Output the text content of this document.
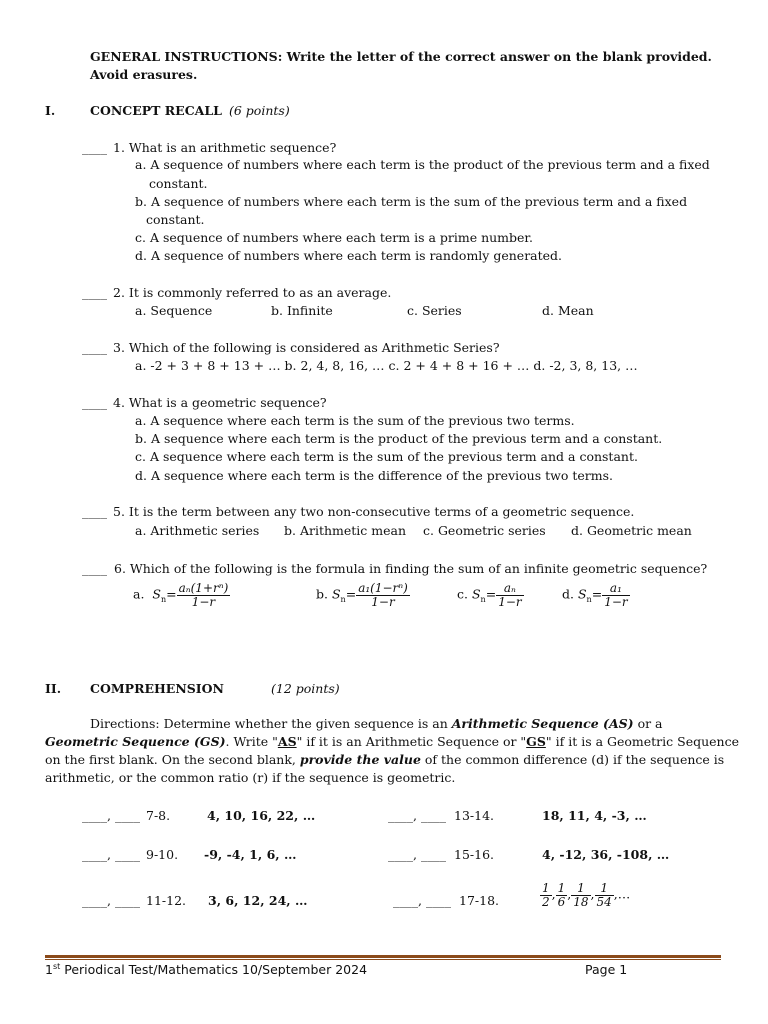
GENERAL INSTRUCTIONS: Write the letter of the correct answer on the blank provided.
Avoid erasures.
I.	CONCEPT RECALL (6 points)
____ 1. What is an arithmetic sequence?
a. A sequence of numbers where each term is the product of the previous term and a fixed
constant.
b. A sequence of numbers where each term is the sum of the previous term and a fixed
constant.
c. A sequence of numbers where each term is a prime number.
d. A sequence of numbers where each term is randomly generated.
____ 2. It is commonly referred to as an average.
a. Sequence	b. Infinite	c. Series	d. Mean
____ 3. Which of the following is considered as Arithmetic Series?
a. -2 + 3 + 8 + 13 + … b. 2, 4, 8, 16, … c. 2 + 4 + 8 + 16 + … d. -2, 3, 8, 13, …
____ 4. What is a geometric sequence?
a. A sequence where each term is the sum of the previous two terms.
b. A sequence where each term is the product of the previous term and a constant.
c. A sequence where each term is the sum of the previous term and a constant.
d. A sequence where each term is the difference of the previous two terms.
____ 5. It is the term between any two non-consecutive terms of a geometric sequence.
a. Arithmetic series b. Arithmetic mean c. Geometric series d. Geometric mean
____ 6. Which of the following is the formula in finding the sum of an infinite geometric sequence?
a. $S_n= \frac{\text{aₙ(1+rⁿ)}}{1-r}$	b. $S_n= \frac{\text{a₁(1−rⁿ)}}{1-r}$	c. $S_n= \frac{\text{aₙ}}{1-r}$	d. $S_n= \frac{\text{a₁}}{1-r}$
II. COMPREHENSION	(12 points)
Directions: Determine whether the given sequence is an Arithmetic Sequence (AS) or a
Geometric Sequence (GS). Write "AS" if it is an Arithmetic Sequence or "GS" if it is a Geometric Sequence
on the first blank. On the second blank, provide the value of the common difference (d) if the sequence is
arithmetic, or the common ratio (r) if the sequence is geometric.
____, ____ 7-8.	4, 10, 16, 22, …
____, ____ 9-10. -9, -4, 1, 6, …
____, ____ 11-12. 3, 6, 12, 24, …
____, ____ 13-14.	18, 11, 4, -3, …
____, ____ 15-16.	4, -12, 36, -108, …
____, ____ 17-18.	$\frac{1}{2}$ , $\frac{1}{6}$ , $\frac{1}{18}$ , $\frac{1}{54}$ ,…
1st Periodical Test/Mathematics 10/September 2024	Page 1
